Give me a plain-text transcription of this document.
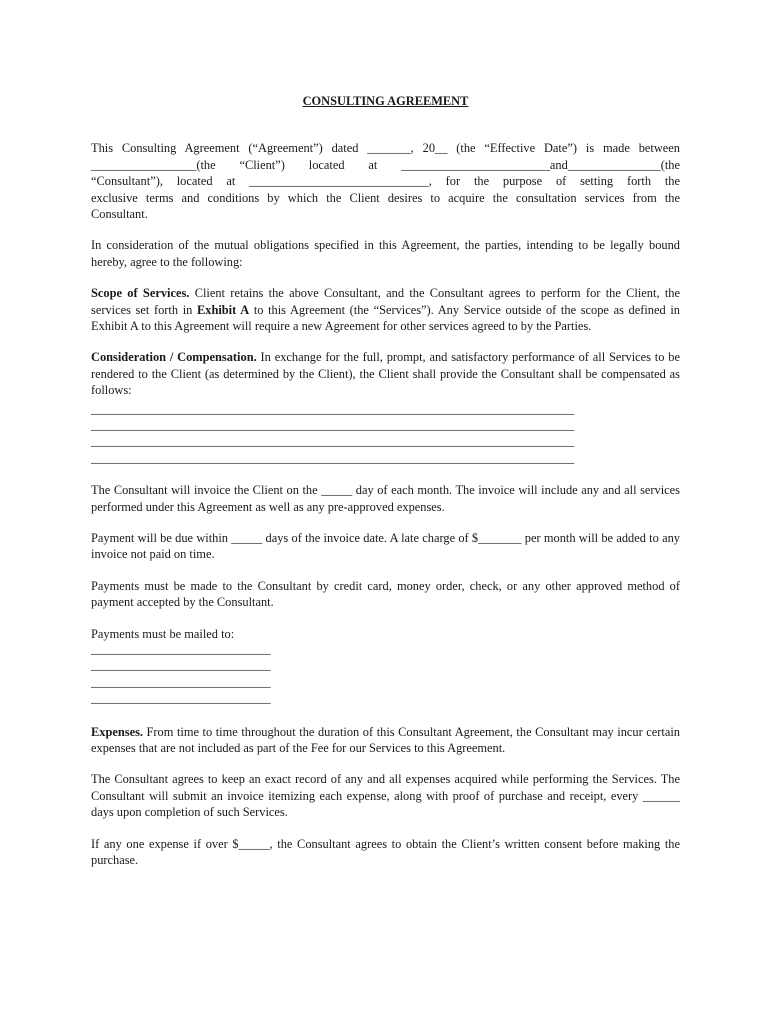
CONSULTING AGREEMENT
This Consulting Agreement (“Agreement”) dated _______, 20__ (the “Effective Date”) is made between
_________________(the “Client”) located at ________________________and_______________(the
“Consultant”), located at _____________________________, for the purpose of setting forth the
exclusive terms and conditions by which the Client desires to acquire the consultation services from the
Consultant.

In consideration of the mutual obligations specified in this Agreement, the parties, intending to be legally bound hereby, agree to the following:

Scope of Services. Client retains the above Consultant, and the Consultant agrees to perform for the Client, the services set forth in Exhibit A to this Agreement (the “Services”). Any Service outside of the scope as defined in Exhibit A to this Agreement will require a new Agreement for other services agreed to by the Parties.

Consideration / Compensation. In exchange for the full, prompt, and satisfactory performance of all Services to be rendered to the Client (as determined by the Client), the Client shall provide the Consultant shall be compensated as follows:

______________________________________________________________________________
______________________________________________________________________________
______________________________________________________________________________
______________________________________________________________________________

The Consultant will invoice the Client on the _____ day of each month. The invoice will include any and all services performed under this Agreement as well as any pre-approved expenses.

Payment will be due within _____ days of the invoice date. A late charge of $_______ per month will be added to any invoice not paid on time.

Payments must be made to the Consultant by credit card, money order, check, or any other approved method of payment accepted by the Consultant.

Payments must be mailed to:
_____________________________
_____________________________
_____________________________
_____________________________

Expenses. From time to time throughout the duration of this Consultant Agreement, the Consultant may incur certain expenses that are not included as part of the Fee for our Services to this Agreement.

The Consultant agrees to keep an exact record of any and all expenses acquired while performing the Services. The Consultant will submit an invoice itemizing each expense, along with proof of purchase and receipt, every ______ days upon completion of such Services.

If any one expense if over $_____, the Consultant agrees to obtain the Client’s written consent before making the purchase.
